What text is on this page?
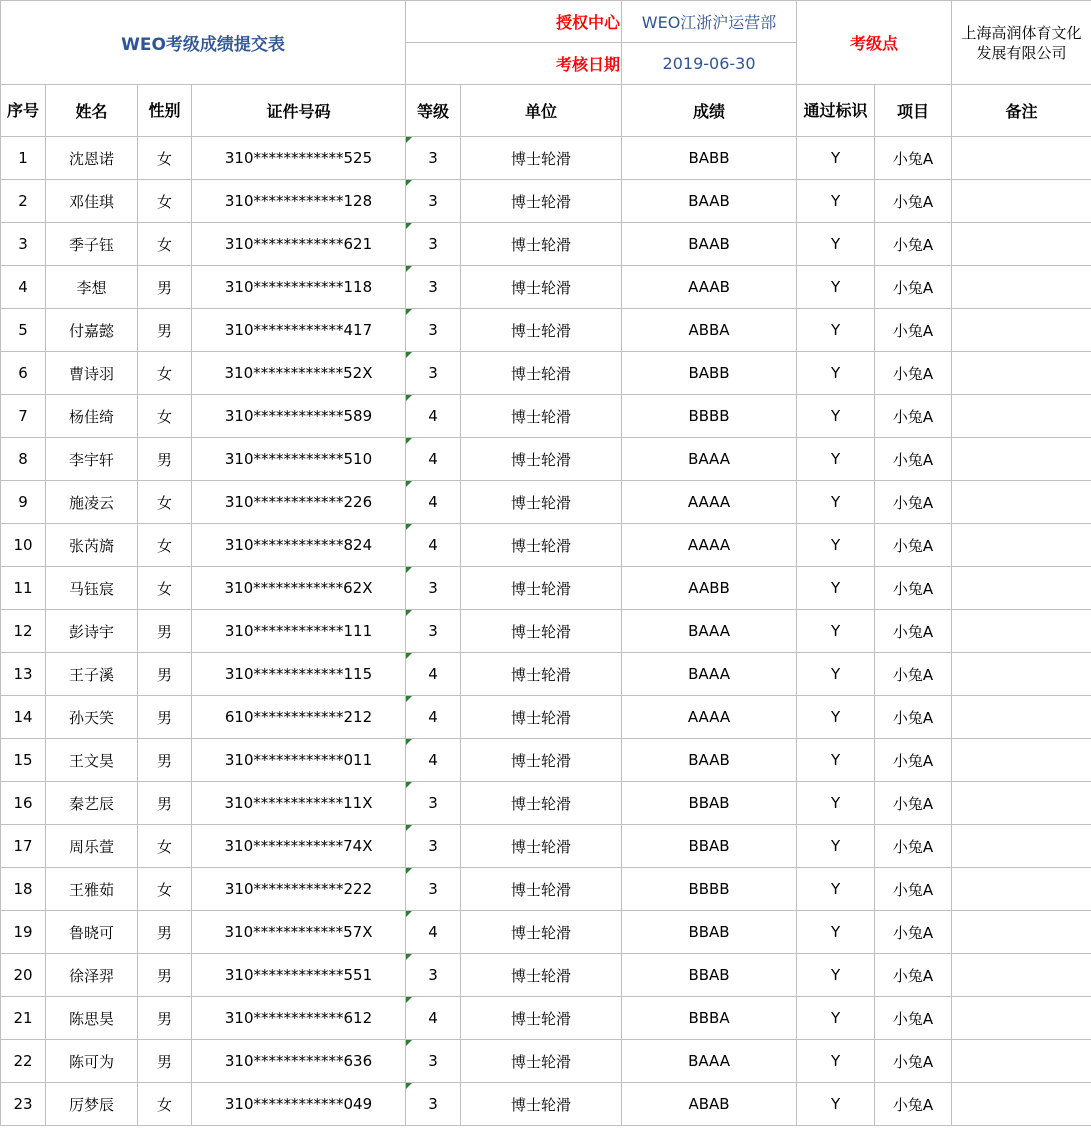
WEO考级成绩提交表				授权中心		WEO江浙沪运营部	考级点		上海高润体育文化发展有限公司
				考核日期		2019-06-30			
序号	姓名	性别	证件号码	等级	单位	成绩	通过标识	项目	备注
1	沈恩诺	女	310************525	3	博士轮滑	BABB	Y	小兔A	
2	邓佳琪	女	310************128	3	博士轮滑	BAAB	Y	小兔A	
3	季子钰	女	310************621	3	博士轮滑	BAAB	Y	小兔A	
4	李想	男	310************118	3	博士轮滑	AAAB	Y	小兔A	
5	付嘉懿	男	310************417	3	博士轮滑	ABBA	Y	小兔A	
6	曹诗羽	女	310************52X	3	博士轮滑	BABB	Y	小兔A	
7	杨佳绮	女	310************589	4	博士轮滑	BBBB	Y	小兔A	
8	李宇轩	男	310************510	4	博士轮滑	BAAA	Y	小兔A	
9	施凌云	女	310************226	4	博士轮滑	AAAA	Y	小兔A	
10	张芮旖	女	310************824	4	博士轮滑	AAAA	Y	小兔A	
11	马钰宸	女	310************62X	3	博士轮滑	AABB	Y	小兔A	
12	彭诗宇	男	310************111	3	博士轮滑	BAAA	Y	小兔A	
13	王子溪	男	310************115	4	博士轮滑	BAAA	Y	小兔A	
14	孙天笑	男	610************212	4	博士轮滑	AAAA	Y	小兔A	
15	王文昊	男	310************011	4	博士轮滑	BAAB	Y	小兔A	
16	秦艺辰	男	310************11X	3	博士轮滑	BBAB	Y	小兔A	
17	周乐萱	女	310************74X	3	博士轮滑	BBAB	Y	小兔A	
18	王雅茹	女	310************222	3	博士轮滑	BBBB	Y	小兔A	
19	鲁晓可	男	310************57X	4	博士轮滑	BBAB	Y	小兔A	
20	徐泽羿	男	310************551	3	博士轮滑	BBAB	Y	小兔A	
21	陈思昊	男	310************612	4	博士轮滑	BBBA	Y	小兔A	
22	陈可为	男	310************636	3	博士轮滑	BAAA	Y	小兔A	
23	厉梦辰	女	310************049	3	博士轮滑	ABAB	Y	小兔A	
